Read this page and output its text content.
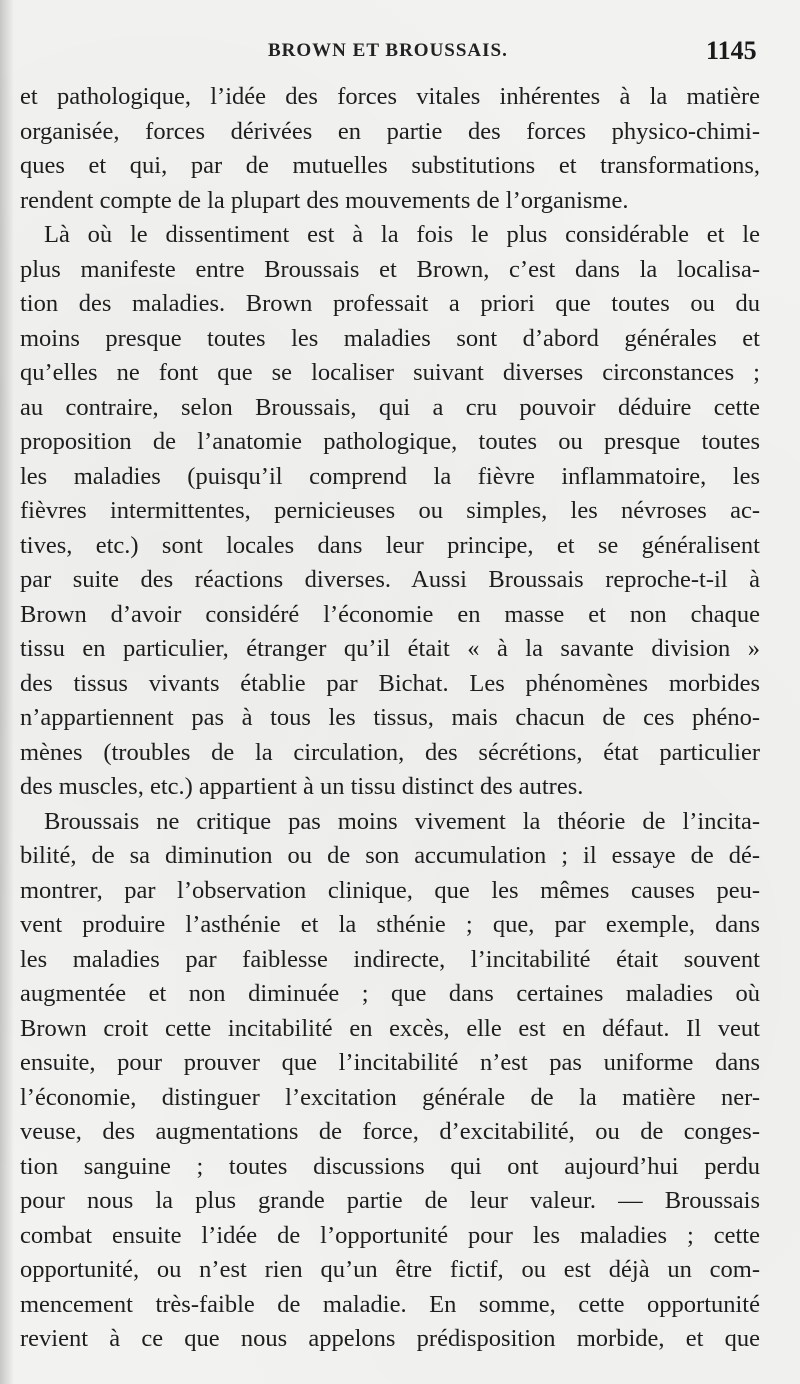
BROWN ET BROUSSAIS.	1145
et pathologique, l’idée des forces vitales inhérentes à la matière
organisée, forces dérivées en partie des forces physico-chimi-
ques et qui, par de mutuelles substitutions et transformations,
rendent compte de la plupart des mouvements de l’organisme.
Là où le dissentiment est à la fois le plus considérable et le
plus manifeste entre Broussais et Brown, c’est dans la localisa-
tion des maladies. Brown professait a priori que toutes ou du
moins presque toutes les maladies sont d’abord générales et
qu’elles ne font que se localiser suivant diverses circonstances ;
au contraire, selon Broussais, qui a cru pouvoir déduire cette
proposition de l’anatomie pathologique, toutes ou presque toutes
les maladies (puisqu’il comprend la fièvre inflammatoire, les
fièvres intermittentes, pernicieuses ou simples, les névroses ac-
tives, etc.) sont locales dans leur principe, et se généralisent
par suite des réactions diverses. Aussi Broussais reproche-t-il à
Brown d’avoir considéré l’économie en masse et non chaque
tissu en particulier, étranger qu’il était « à la savante division »
des tissus vivants établie par Bichat. Les phénomènes morbides
n’appartiennent pas à tous les tissus, mais chacun de ces phéno-
mènes (troubles de la circulation, des sécrétions, état particulier
des muscles, etc.) appartient à un tissu distinct des autres.
Broussais ne critique pas moins vivement la théorie de l’incita-
bilité, de sa diminution ou de son accumulation ; il essaye de dé-
montrer, par l’observation clinique, que les mêmes causes peu-
vent produire l’asthénie et la sthénie ; que, par exemple, dans
les maladies par faiblesse indirecte, l’incitabilité était souvent
augmentée et non diminuée ; que dans certaines maladies où
Brown croit cette incitabilité en excès, elle est en défaut. Il veut
ensuite, pour prouver que l’incitabilité n’est pas uniforme dans
l’économie, distinguer l’excitation générale de la matière ner-
veuse, des augmentations de force, d’excitabilité, ou de conges-
tion sanguine ; toutes discussions qui ont aujourd’hui perdu
pour nous la plus grande partie de leur valeur. — Broussais
combat ensuite l’idée de l’opportunité pour les maladies ; cette
opportunité, ou n’est rien qu’un être fictif, ou est déjà un com-
mencement très-faible de maladie. En somme, cette opportunité
revient à ce que nous appelons prédisposition morbide, et que
